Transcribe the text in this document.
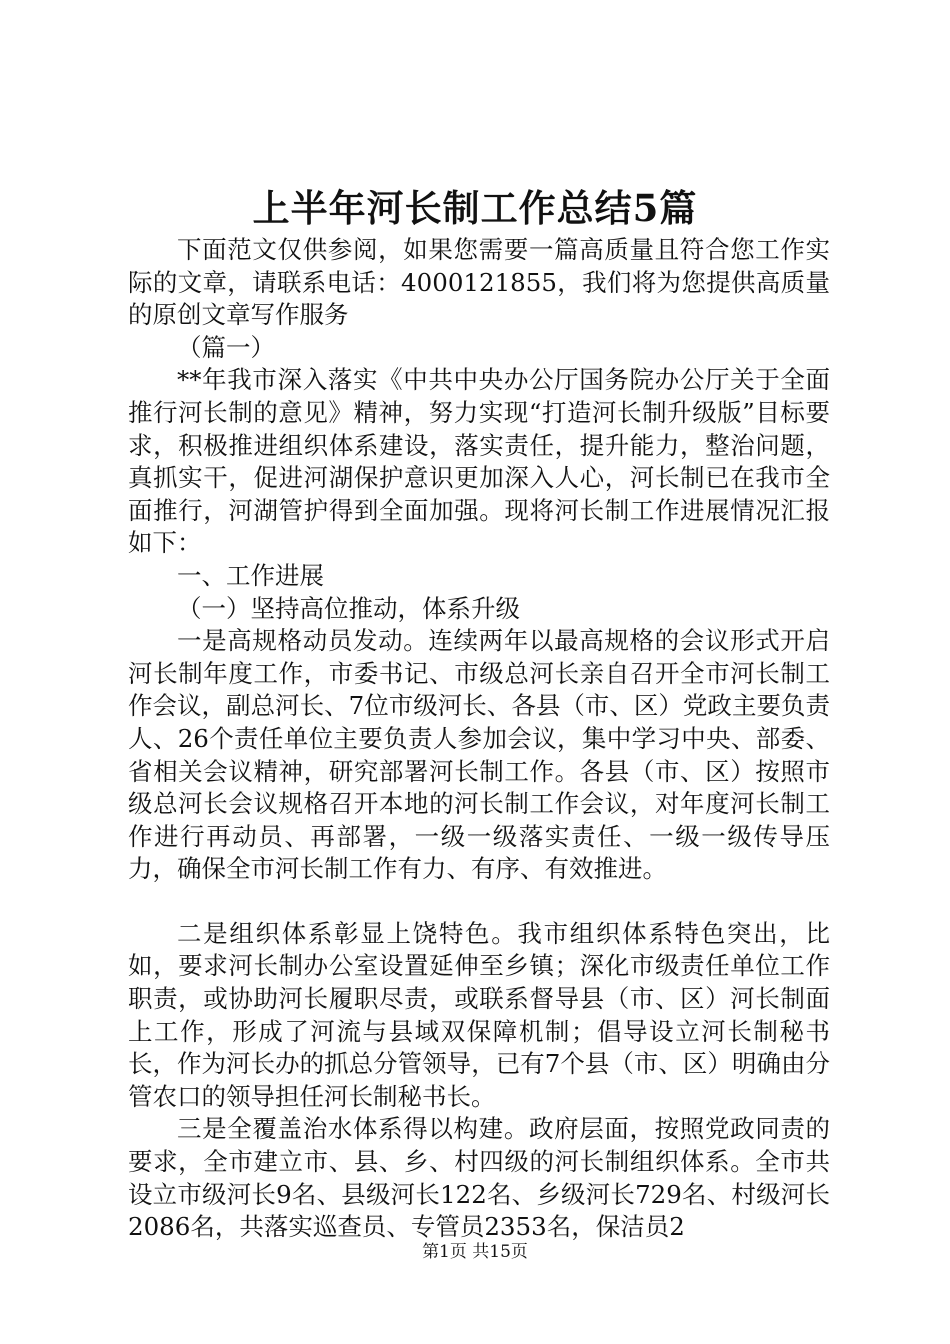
上半年河长制工作总结5篇

下面范文仅供参阅，如果您需要一篇高质量且符合您工作实际的文章，请联系电话：4000121855，我们将为您提供高质量的原创文章写作服务

（篇一）

**年我市深入落实《中共中央办公厅国务院办公厅关于全面推行河长制的意见》精神，努力实现“打造河长制升级版”目标要求，积极推进组织体系建设，落实责任，提升能力，整治问题，真抓实干，促进河湖保护意识更加深入人心，河长制已在我市全面推行，河湖管护得到全面加强。现将河长制工作进展情况汇报如下：

一、工作进展

（一）坚持高位推动，体系升级

一是高规格动员发动。连续两年以最高规格的会议形式开启河长制年度工作，市委书记、市级总河长亲自召开全市河长制工作会议，副总河长、7位市级河长、各县（市、区）党政主要负责人、26个责任单位主要负责人参加会议，集中学习中央、部委、省相关会议精神，研究部署河长制工作。各县（市、区）按照市级总河长会议规格召开本地的河长制工作会议，对年度河长制工作进行再动员、再部署，一级一级落实责任、一级一级传导压力，确保全市河长制工作有力、有序、有效推进。

二是组织体系彰显上饶特色。我市组织体系特色突出，比如，要求河长制办公室设置延伸至乡镇；深化市级责任单位工作职责，或协助河长履职尽责，或联系督导县（市、区）河长制面上工作，形成了河流与县域双保障机制；倡导设立河长制秘书长，作为河长办的抓总分管领导，已有7个县（市、区）明确由分管农口的领导担任河长制秘书长。

三是全覆盖治水体系得以构建。政府层面，按照党政同责的要求，全市建立市、县、乡、村四级的河长制组织体系。全市共设立市级河长9名、县级河长122名、乡级河长729名、村级河长2086名，共落实巡查员、专管员2353名，保洁员2

第1页 共15页
